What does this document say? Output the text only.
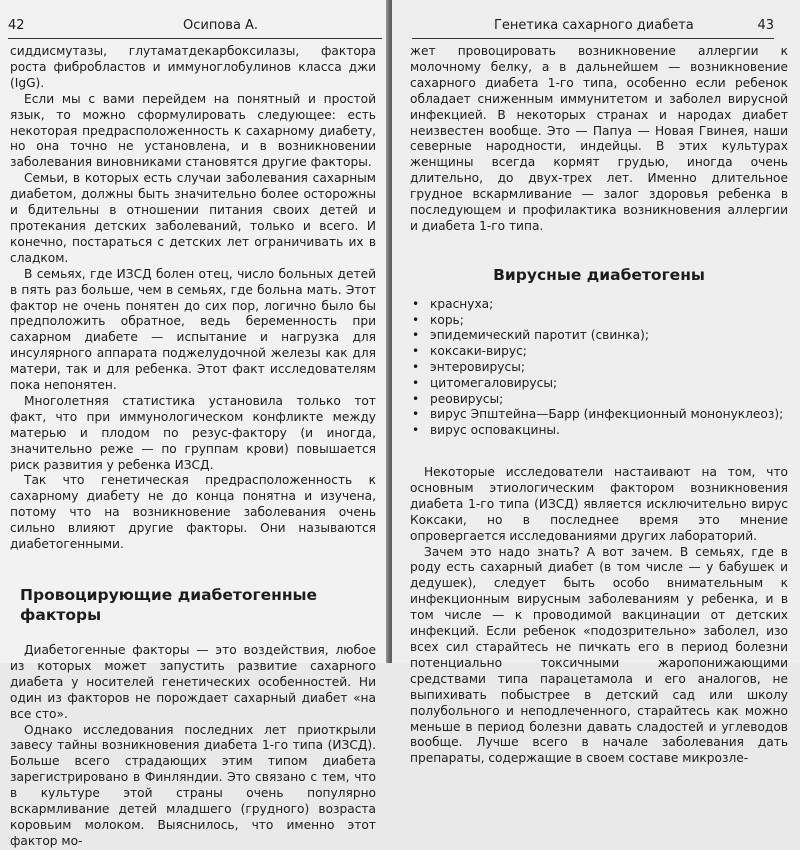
42	Осипова А.

сиддисмутазы, глутаматдекарбоксилазы, фактора роста фибробластов и иммуноглобулинов класса джи (IgG).

Если мы с вами перейдем на понятный и простой язык, то можно сформулировать следующее: есть некоторая предрасположенность к сахарному диабету, но она точно не установлена, и в возникновении заболевания виновниками становятся другие факторы.

Семьи, в которых есть случаи заболевания сахарным диабетом, должны быть значительно более осторожны и бдительны в отношении питания своих детей и протекания детских заболеваний, только и всего. И конечно, постараться с детских лет ограничивать их в сладком.

В семьях, где ИЗСД болен отец, число больных детей в пять раз больше, чем в семьях, где больна мать. Этот фактор не очень понятен до сих пор, логично было бы предположить обратное, ведь беременность при сахарном диабете — испытание и нагрузка для инсулярного аппарата поджелудочной железы как для матери, так и для ребенка. Этот факт исследователям пока непонятен.

Многолетняя статистика установила только тот факт, что при иммунологическом конфликте между матерью и плодом по резус-фактору (и иногда, значительно реже — по группам крови) повышается риск развития у ребенка ИЗСД.

Так что генетическая предрасположенность к сахарному диабету не до конца понятна и изучена, потому что на возникновение заболевания очень сильно влияют другие факторы. Они называются диабетогенными.

Провоцирующие диабетогенные факторы

Диабетогенные факторы — это воздействия, любое из которых может запустить развитие сахарного диабета у носителей генетических особенностей. Ни один из факторов не порождает сахарный диабет «на все сто».

Однако исследования последних лет приоткрыли завесу тайны возникновения диабета 1-го типа (ИЗСД). Больше всего страдающих этим типом диабета зарегистрировано в Финляндии. Это связано с тем, что в культуре этой страны очень популярно вскармливание детей младшего (грудного) возраста коровьим молоком. Выяснилось, что именно этот фактор мо-

Генетика сахарного диабета	43

жет провоцировать возникновение аллергии к молочному белку, а в дальнейшем — возникновение сахарного диабета 1-го типа, особенно если ребенок обладает сниженным иммунитетом и заболел вирусной инфекцией. В некоторых странах и народах диабет неизвестен вообще. Это — Папуа — Новая Гвинея, наши северные народности, индейцы. В этих культурах женщины всегда кормят грудью, иногда очень длительно, до двух-трех лет. Именно длительное грудное вскармливание — залог здоровья ребенка в последующем и профилактика возникновения аллергии и диабета 1-го типа.

Вирусные диабетогены
• краснуха;
• корь;
• эпидемический паротит (свинка);
• коксаки-вирус;
• энтеровирусы;
• цитомегаловирусы;
• реовирусы;
• вирус Эпштейна—Барр (инфекционный мононуклеоз);
• вирус осповакцины.

Некоторые исследователи настаивают на том, что основным этиологическим фактором возникновения диабета 1-го типа (ИЗСД) является исключительно вирус Коксаки, но в последнее время это мнение опровергается исследованиями других лабораторий.

Зачем это надо знать? А вот зачем. В семьях, где в роду есть сахарный диабет (в том числе — у бабушек и дедушек), следует быть особо внимательным к инфекционным вирусным заболеваниям у ребенка, и в том числе — к проводимой вакцинации от детских инфекций. Если ребенок «подозрительно» заболел, изо всех сил старайтесь не пичкать его в период болезни потенциально токсичными жаропонижающими средствами типа парацетамола и его аналогов, не выпихивать побыстрее в детский сад или школу полубольного и неподлеченного, старайтесь как можно меньше в период болезни давать сладостей и углеводов вообще. Лучше всего в начале заболевания дать препараты, содержащие в своем составе микрозле-
